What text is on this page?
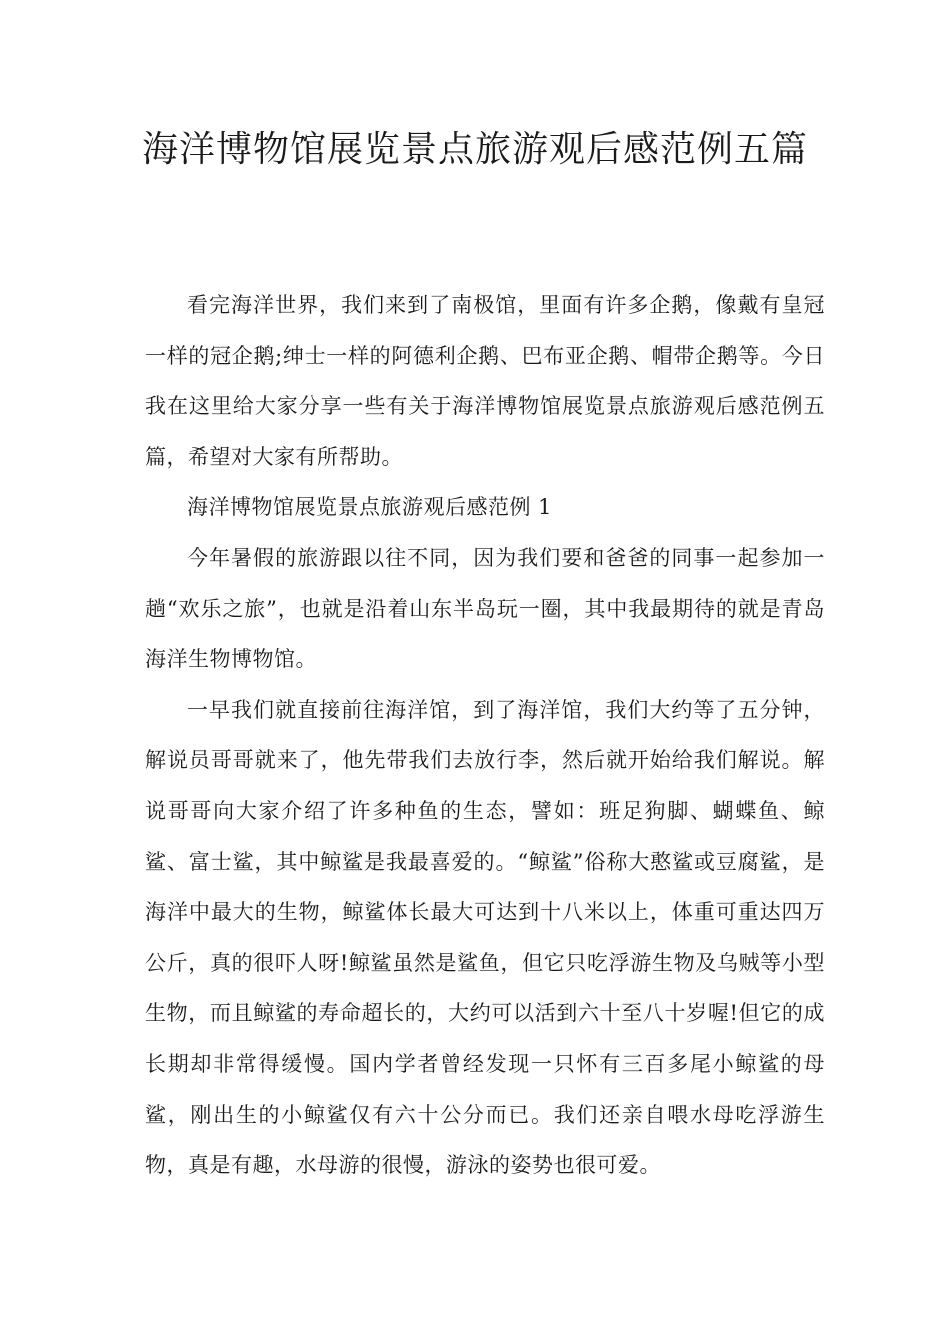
海洋博物馆展览景点旅游观后感范例五篇

看完海洋世界，我们来到了南极馆，里面有许多企鹅，像戴有皇冠一样的冠企鹅;绅士一样的阿德利企鹅、巴布亚企鹅、帽带企鹅等。今日我在这里给大家分享一些有关于海洋博物馆展览景点旅游观后感范例五篇，希望对大家有所帮助。

海洋博物馆展览景点旅游观后感范例 1

今年暑假的旅游跟以往不同，因为我们要和爸爸的同事一起参加一趟“欢乐之旅”，也就是沿着山东半岛玩一圈，其中我最期待的就是青岛海洋生物博物馆。

一早我们就直接前往海洋馆，到了海洋馆，我们大约等了五分钟，解说员哥哥就来了，他先带我们去放行李，然后就开始给我们解说。解说哥哥向大家介绍了许多种鱼的生态，譬如：班足狗脚、蝴蝶鱼、鲸鲨、富士鲨，其中鲸鲨是我最喜爱的。“鲸鲨”俗称大憨鲨或豆腐鲨，是海洋中最大的生物，鲸鲨体长最大可达到十八米以上，体重可重达四万公斤，真的很吓人呀!鲸鲨虽然是鲨鱼，但它只吃浮游生物及乌贼等小型生物，而且鲸鲨的寿命超长的，大约可以活到六十至八十岁喔!但它的成长期却非常得缓慢。国内学者曾经发现一只怀有三百多尾小鲸鲨的母鲨，刚出生的小鲸鲨仅有六十公分而已。我们还亲自喂水母吃浮游生物，真是有趣，水母游的很慢，游泳的姿势也很可爱。
